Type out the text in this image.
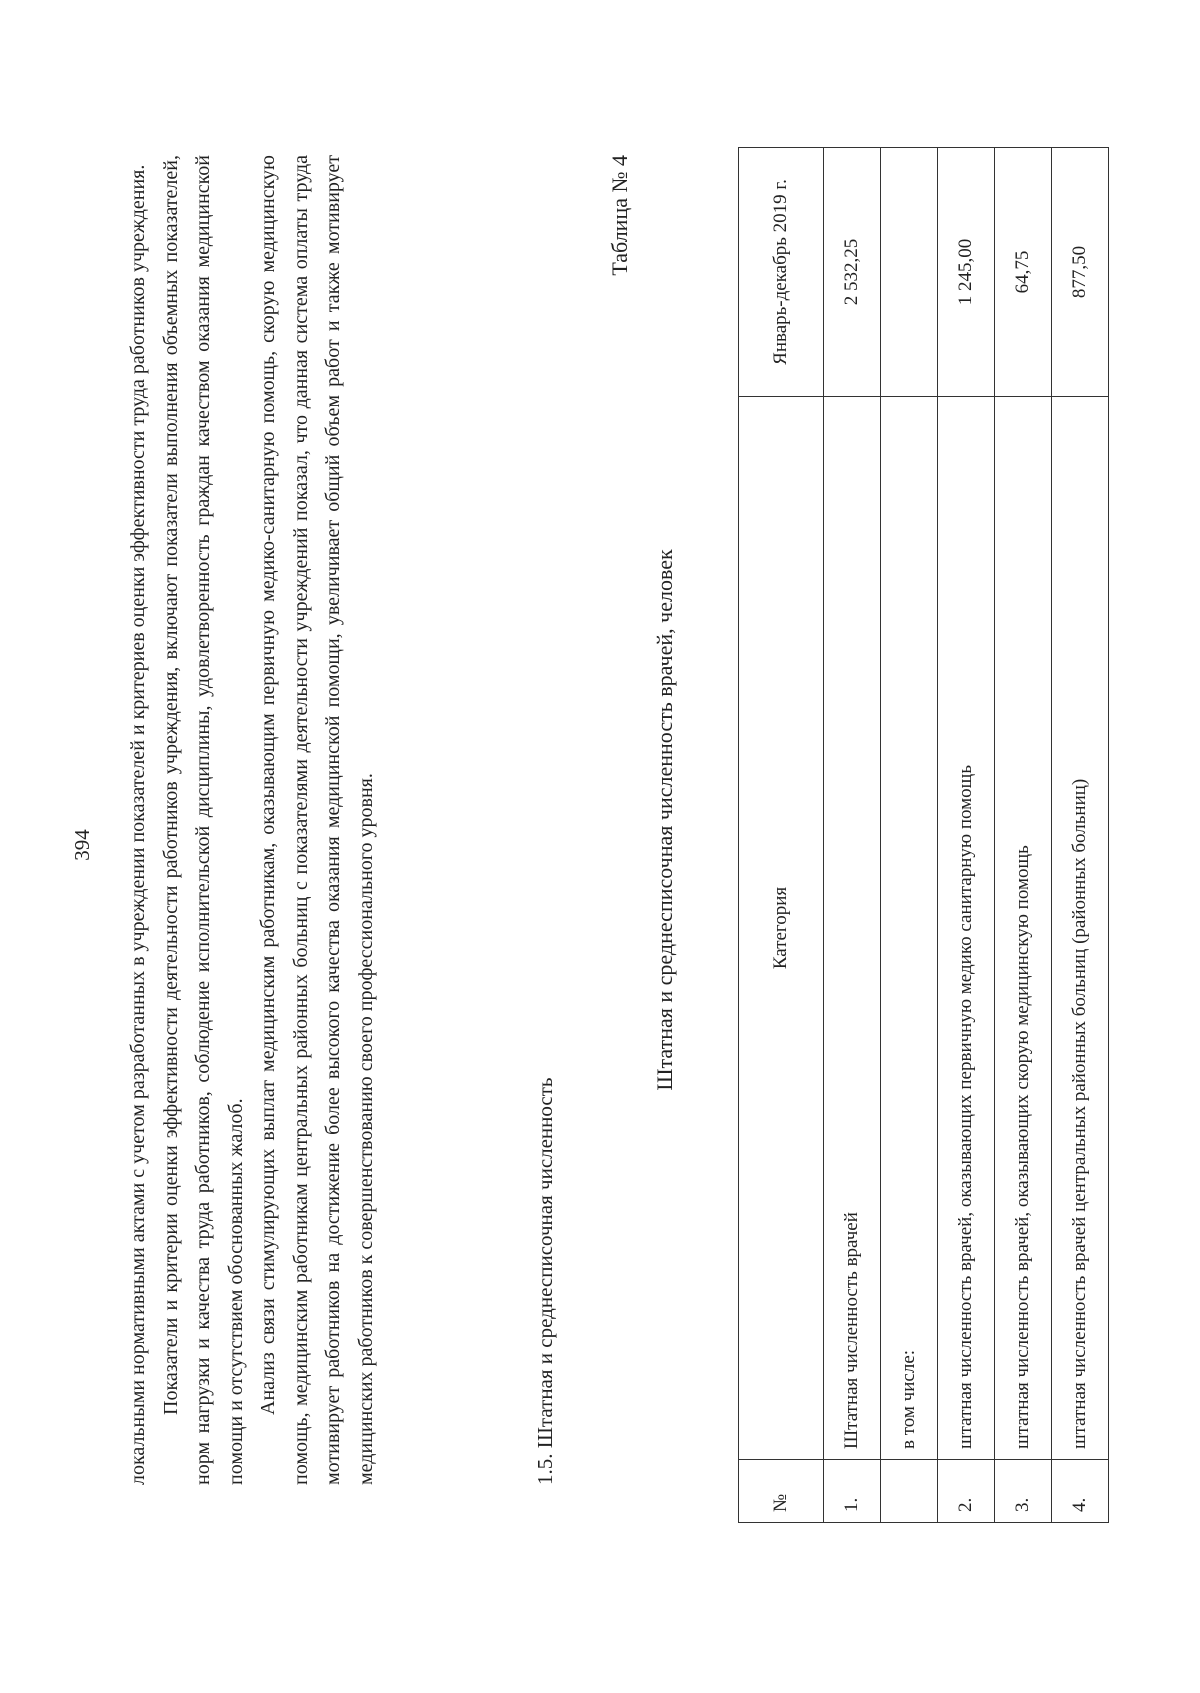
394 локальными нормативными актами с учетом разработанных в учреждении показателей и критериев оценки эффективности труда работников учреждения. Показатели и критерии оценки эффективности деятельности работников учреждения, включают показатели выполнения объемных показателей, норм нагрузки и качества труда работников, соблюдение исполнительской дисциплины, удовлетворенность граждан качеством оказания медицинской помощи и отсутствием обоснованных жалоб. Анализ связи стимулирующих выплат медицинским работникам, оказывающим первичную медико-санитарную помощь, скорую медицинскую помощь, медицинским работникам центральных районных больниц с показателями деятельности учреждений показал, что данная система оплаты труда мотивирует работников на достижение более высокого качества оказания медицинской помощи, увеличивает общий объем работ и также мотивирует медицинских работников к совершенствованию своего профессионального уровня.	1.5. Штатная и среднесписочная численность
Таблица № 4
Штатная и среднесписочная численность врачей, человек
№	Категория	Январь-декабрь 2019 г.
1.	Штатная численность врачей	2 532,25
	в том числе:	
2.	штатная численность врачей, оказывающих первичную медико санитарную помощь	1 245,00
3.	штатная численность врачей, оказывающих скорую медицинскую помощь	64,75
4.	штатная численность врачей центральных районных больниц (районных больниц)	877,50
